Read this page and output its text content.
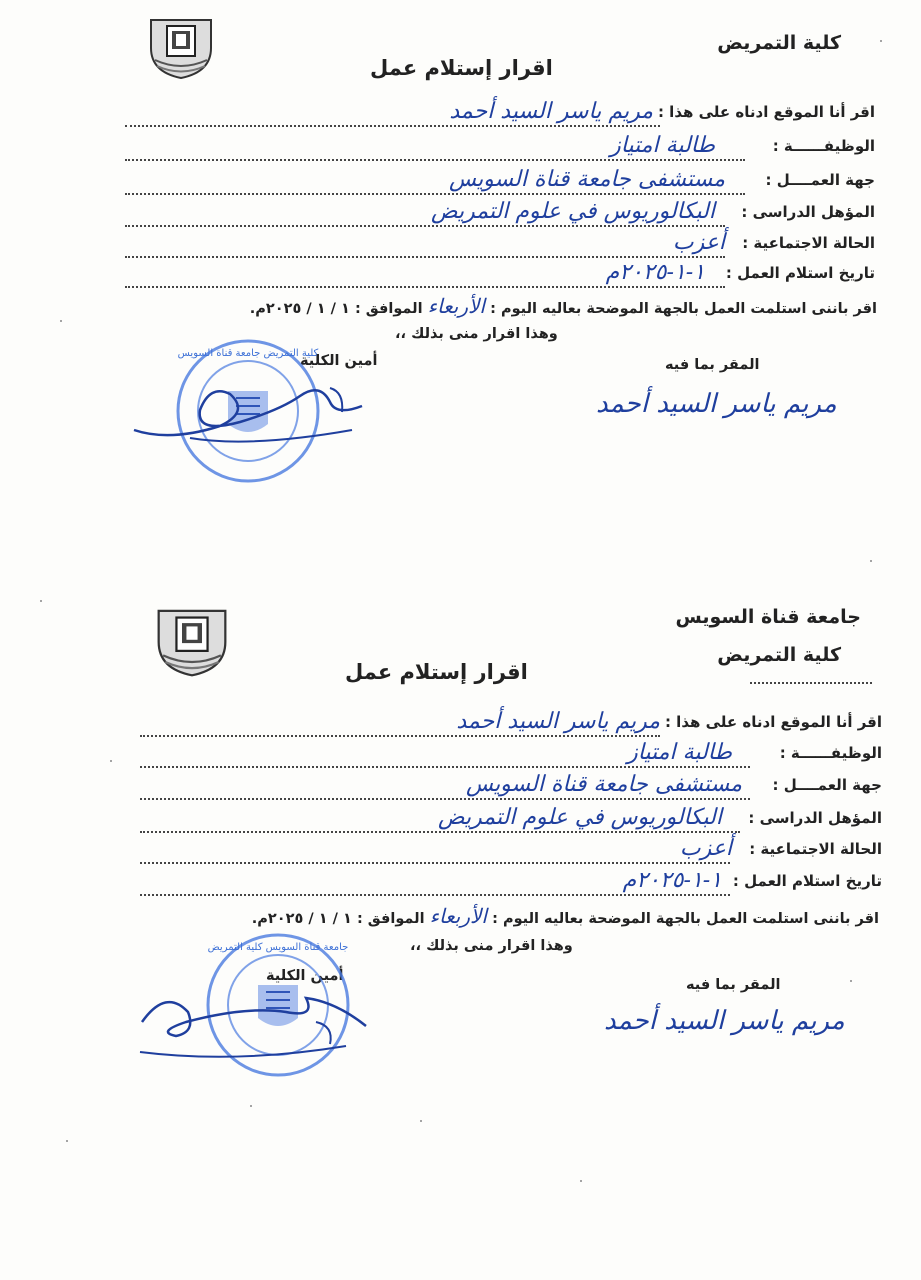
كلية التمريض
اقرار إستلام عمل
اقر أنا الموقع ادناه على هذا :
مريم ياسر السيد أحمد
الوظيفــــــة :
طالبة امتياز
جهة العمــــل :
مستشفى جامعة قناة السويس
المؤهل الدراسى :
البكالوريوس في علوم التمريض
الحالة الاجتماعية :
أعزب
تاريخ استلام العمل :
١-١-٢٠٢٥م
اقر باننى استلمت العمل بالجهة الموضحة بعاليه اليوم : الأربعاء الموافق : ١ / ١ / ٢٠٢٥م.
وهذا اقرار منى بذلك ،،
أمين الكلية	المقر بما فيه
مريم ياسر السيد أحمد
كلية التمريض جامعة قناة السويس
جامعة قناة السويس
كلية التمريض
اقرار إستلام عمل
اقر أنا الموقع ادناه على هذا :
مريم ياسر السيد أحمد
الوظيفــــــة :
طالبة امتياز
جهة العمــــل :
مستشفى جامعة قناة السويس
المؤهل الدراسى :
البكالوريوس في علوم التمريض
الحالة الاجتماعية :
أعزب
تاريخ استلام العمل :
١-١-٢٠٢٥م
اقر باننى استلمت العمل بالجهة الموضحة بعاليه اليوم : الأربعاء الموافق : ١ / ١ / ٢٠٢٥م.
وهذا اقرار منى بذلك ،،
أمين الكلية
المقر بما فيه
مريم ياسر السيد أحمد
جامعة قناة السويس كلية التمريض
